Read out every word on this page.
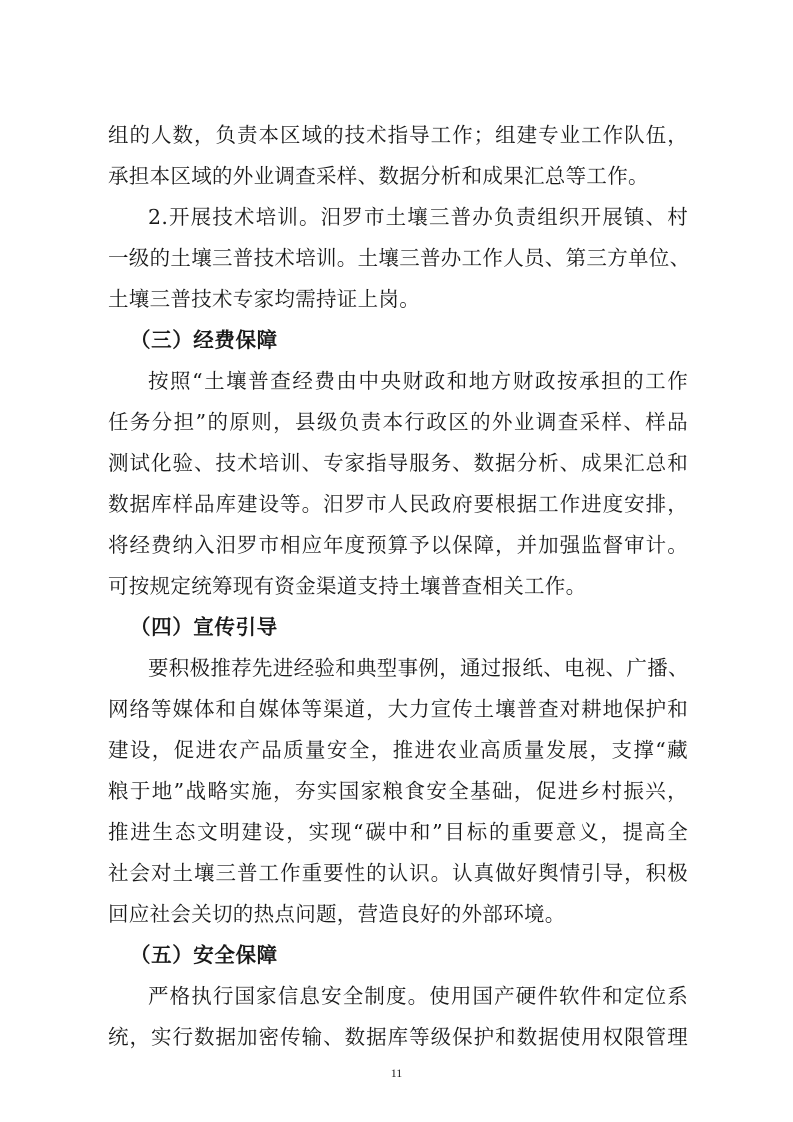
组的人数，负责本区域的技术指导工作；组建专业工作队伍，
承担本区域的外业调查采样、数据分析和成果汇总等工作。
2.开展技术培训。汨罗市土壤三普办负责组织开展镇、村
一级的土壤三普技术培训。土壤三普办工作人员、第三方单位、
土壤三普技术专家均需持证上岗。
（三）经费保障
按照“土壤普查经费由中央财政和地方财政按承担的工作
任务分担”的原则，县级负责本行政区的外业调查采样、样品
测试化验、技术培训、专家指导服务、数据分析、成果汇总和
数据库样品库建设等。汨罗市人民政府要根据工作进度安排，
将经费纳入汨罗市相应年度预算予以保障，并加强监督审计。
可按规定统筹现有资金渠道支持土壤普查相关工作。
（四）宣传引导
要积极推荐先进经验和典型事例，通过报纸、电视、广播、
网络等媒体和自媒体等渠道，大力宣传土壤普查对耕地保护和
建设，促进农产品质量安全，推进农业高质量发展，支撑“藏
粮于地”战略实施，夯实国家粮食安全基础，促进乡村振兴，
推进生态文明建设，实现“碳中和”目标的重要意义，提高全
社会对土壤三普工作重要性的认识。认真做好舆情引导，积极
回应社会关切的热点问题，营造良好的外部环境。
（五）安全保障
严格执行国家信息安全制度。使用国产硬件软件和定位系
统，实行数据加密传输、数据库等级保护和数据使用权限管理
11
